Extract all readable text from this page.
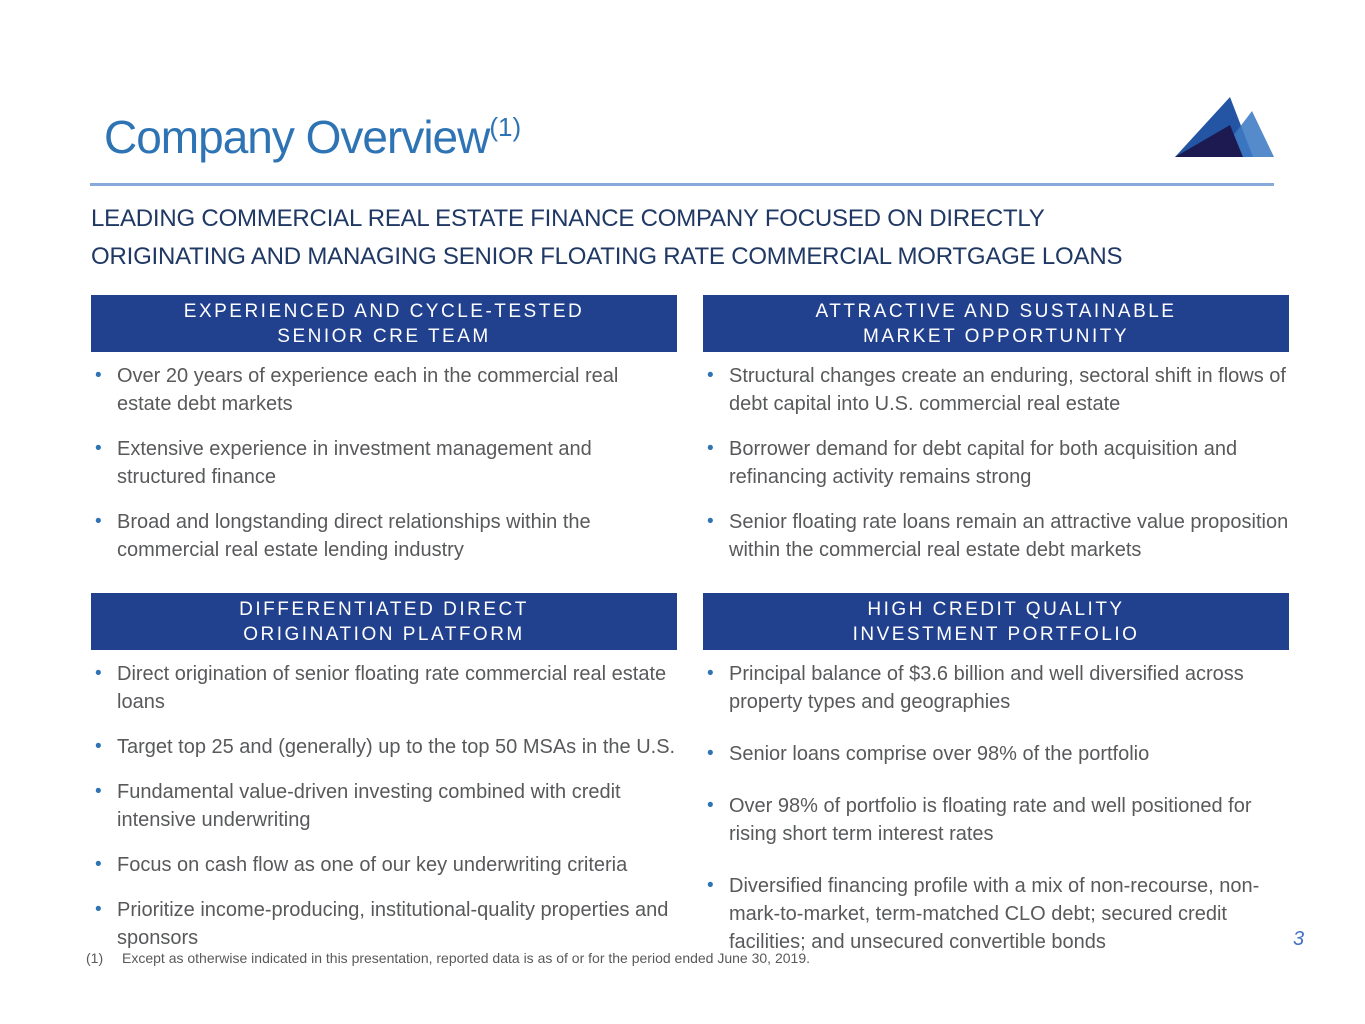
Company Overview$^{(1)}$
LEADING COMMERCIAL REAL ESTATE FINANCE COMPANY FOCUSED ON DIRECTLY
ORIGINATING AND MANAGING SENIOR FLOATING RATE COMMERCIAL MORTGAGE LOANS
EXPERIENCED AND CYCLE-TESTED
SENIOR CRE TEAM
• Over 20 years of experience each in the commercial real estate debt markets
• Extensive experience in investment management and structured finance
• Broad and longstanding direct relationships within the commercial real estate lending industry
ATTRACTIVE AND SUSTAINABLE
MARKET OPPORTUNITY
• Structural changes create an enduring, sectoral shift in flows of debt capital into U.S. commercial real estate
• Borrower demand for debt capital for both acquisition and refinancing activity remains strong
• Senior floating rate loans remain an attractive value proposition within the commercial real estate debt markets
DIFFERENTIATED DIRECT
ORIGINATION PLATFORM
• Direct origination of senior floating rate commercial real estate loans
• Target top 25 and (generally) up to the top 50 MSAs in the U.S.
• Fundamental value-driven investing combined with credit intensive underwriting
• Focus on cash flow as one of our key underwriting criteria
• Prioritize income-producing, institutional-quality properties and sponsors
HIGH CREDIT QUALITY
INVESTMENT PORTFOLIO
• Principal balance of $3.6 billion and well diversified across property types and geographies
• Senior loans comprise over 98% of the portfolio
• Over 98% of portfolio is floating rate and well positioned for rising short term interest rates
• Diversified financing profile with a mix of non-recourse, non-mark-to-market, term-matched CLO debt; secured credit facilities; and unsecured convertible bonds
(1)	Except as otherwise indicated in this presentation, reported data is as of or for the period ended June 30, 2019.
3
